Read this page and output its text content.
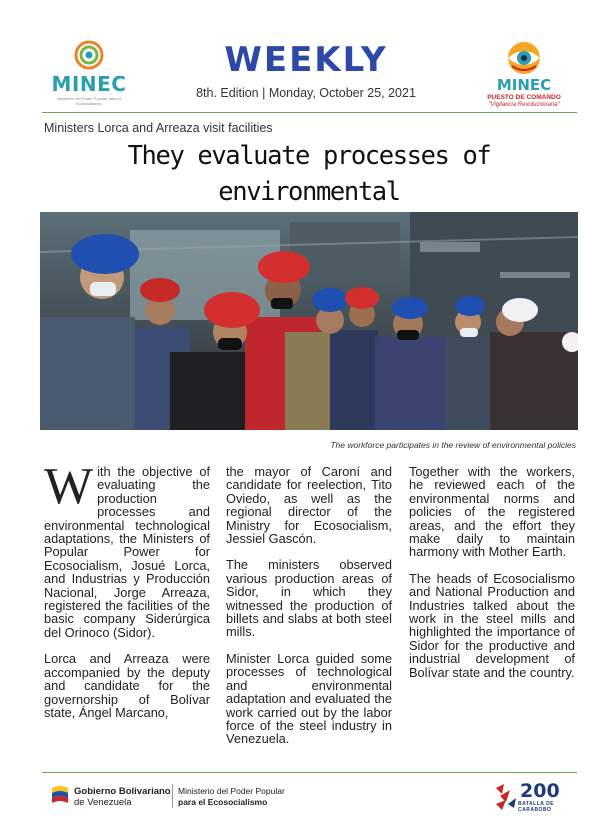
MINEC
Ministerio del Poder Popular para el Ecosocialismo
WEEKLY
8th. Edition | Monday, October 25, 2021	MINEC
PUESTO DE COMANDO
"Vigilancia Revolucionaria"
Ministers Lorca and Arreaza visit facilities
They evaluate processes of environmental
The workforce participates in the review of environmental policies

W ith the objective of evaluating the production processes and environmental technological adaptations, the Ministers of Popular Power for Ecosocialism, Josué Lorca, and Industrias y Producción Nacional, Jorge Arreaza, registered the facilities of the basic company Siderúrgica del Orinoco (Sidor).

Lorca and Arreaza were accompanied by the deputy and candidate for the governorship of Bolívar state, Ángel Marcano,

the mayor of Caroní and candidate for reelection, Tito Oviedo, as well as the regional director of the Ministry for Ecosocialism, Jessiel Gascón.

The ministers observed various production areas of Sidor, in which they witnessed the production of billets and slabs at both steel mills.

Minister Lorca guided some processes of technological and environmental adaptation and evaluated the work carried out by the labor force of the steel industry in Venezuela.

Together with the workers, he reviewed each of the environmental norms and policies of the registered areas, and the effort they make daily to maintain harmony with Mother Earth.

The heads of Ecosocialismo and National Production and Industries talked about the work in the steel mills and highlighted the importance of Sidor for the productive and industrial development of Bolívar state and the country.

Gobierno Bolivariano
de Venezuela
Ministerio del Poder Popular
para el Ecosocialismo	200
BATALLA DE
CARABOBO
